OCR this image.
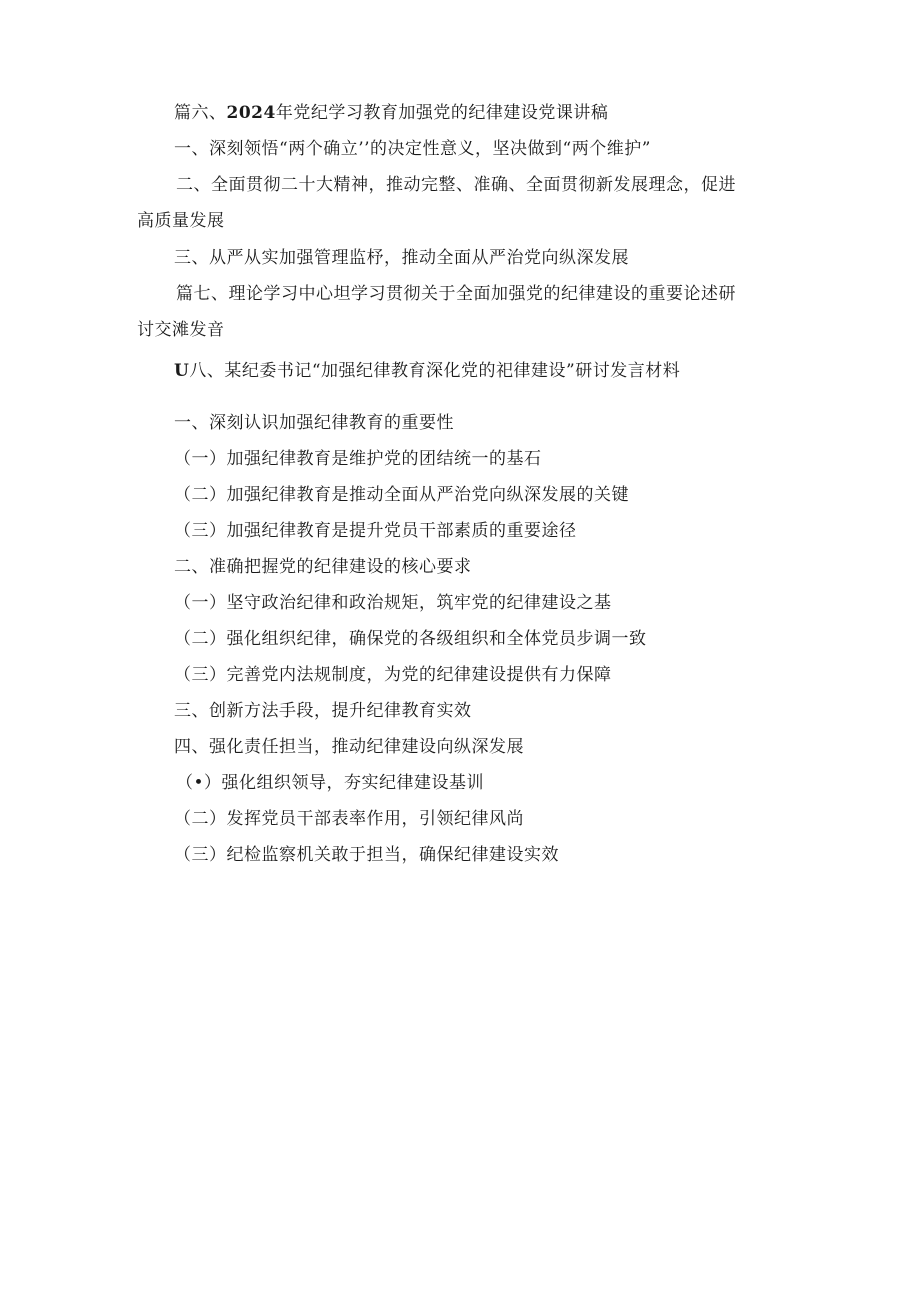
篇六、2024年党纪学习教育加强党的纪律建设党课讲稿
一、深刻领悟“两个确立’’的决定性意义，坚决做到“两个维护”
二、全面贯彻二十大精神，推动完整、准确、全面贯彻新发展理念，促进
高质量发展
三、从严从实加强管理监杼，推动全面从严治党向纵深发展
篇七、理论学习中心坦学习贯彻关于全面加强党的纪律建设的重要论述研
讨交滩发音
U八、某纪委书记“加强纪律教育深化党的祀律建设”研讨发言材料
一、深刻认识加强纪律教育的重要性
（一）加强纪律教育是维护党的团结统一的基石
（二）加强纪律教育是推动全面从严治党向纵深发展的关键
（三）加强纪律教育是提升党员干部素质的重要途径
二、准确把握党的纪律建设的核心要求
（一）坚守政治纪律和政治规矩，筑牢党的纪律建设之基
（二）强化组织纪律，确保党的各级组织和全体党员步调一致
（三）完善党内法规制度，为党的纪律建设提供有力保障
三、创新方法手段，提升纪律教育实效
四、强化责任担当，推动纪律建设向纵深发展
（•）强化组织领导，夯实纪律建设基训
（二）发挥党员干部表率作用，引领纪律风尚
（三）纪检监察机关敢于担当，确保纪律建设实效
